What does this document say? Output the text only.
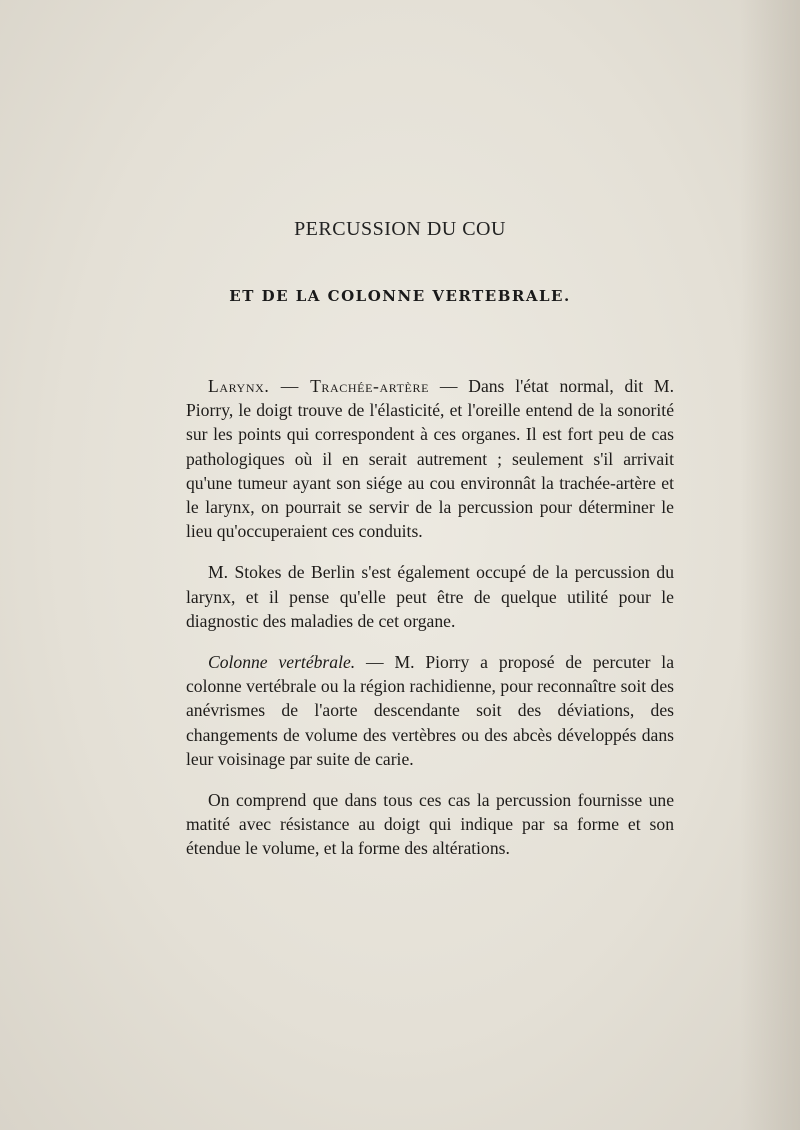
PERCUSSION DU COU
ET DE LA COLONNE VERTEBRALE.

Larynx. — Trachée-artère — Dans l'état normal, dit M. Piorry, le doigt trouve de l'élasticité, et l'oreille entend de la sonorité sur les points qui correspondent à ces organes. Il est fort peu de cas pathologiques où il en serait autrement ; seulement s'il arrivait qu'une tumeur ayant son siége au cou environnât la trachée-artère et le larynx, on pourrait se servir de la percussion pour déterminer le lieu qu'occuperaient ces conduits.

M. Stokes de Berlin s'est également occupé de la percussion du larynx, et il pense qu'elle peut être de quelque utilité pour le diagnostic des maladies de cet organe.

Colonne vertébrale. — M. Piorry a proposé de percuter la colonne vertébrale ou la région rachidienne, pour reconnaître soit des anévrismes de l'aorte descendante soit des déviations, des changements de volume des vertèbres ou des abcès développés dans leur voisinage par suite de carie.

On comprend que dans tous ces cas la percussion fournisse une matité avec résistance au doigt qui indique par sa forme et son étendue le volume, et la forme des altérations.
